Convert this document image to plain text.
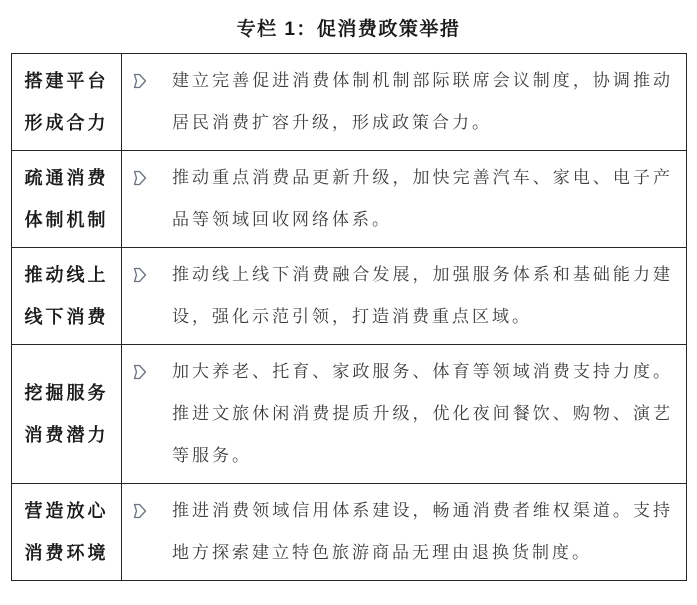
专栏 1：促消费政策举措
搭建平台
形成合力	建立完善促进消费体制机制部际联席会议制度，协调推动居民消费扩容升级，形成政策合力。

疏通消费
体制机制	推动重点消费品更新升级，加快完善汽车、家电、电子产品等领域回收网络体系。

推动线上
线下消费	推动线上线下消费融合发展，加强服务体系和基础能力建设，强化示范引领，打造消费重点区域。

挖掘服务
消费潜力	加大养老、托育、家政服务、体育等领域消费支持力度。推进文旅休闲消费提质升级，优化夜间餐饮、购物、演艺等服务。

营造放心
消费环境	推进消费领域信用体系建设，畅通消费者维权渠道。支持地方探索建立特色旅游商品无理由退换货制度。
